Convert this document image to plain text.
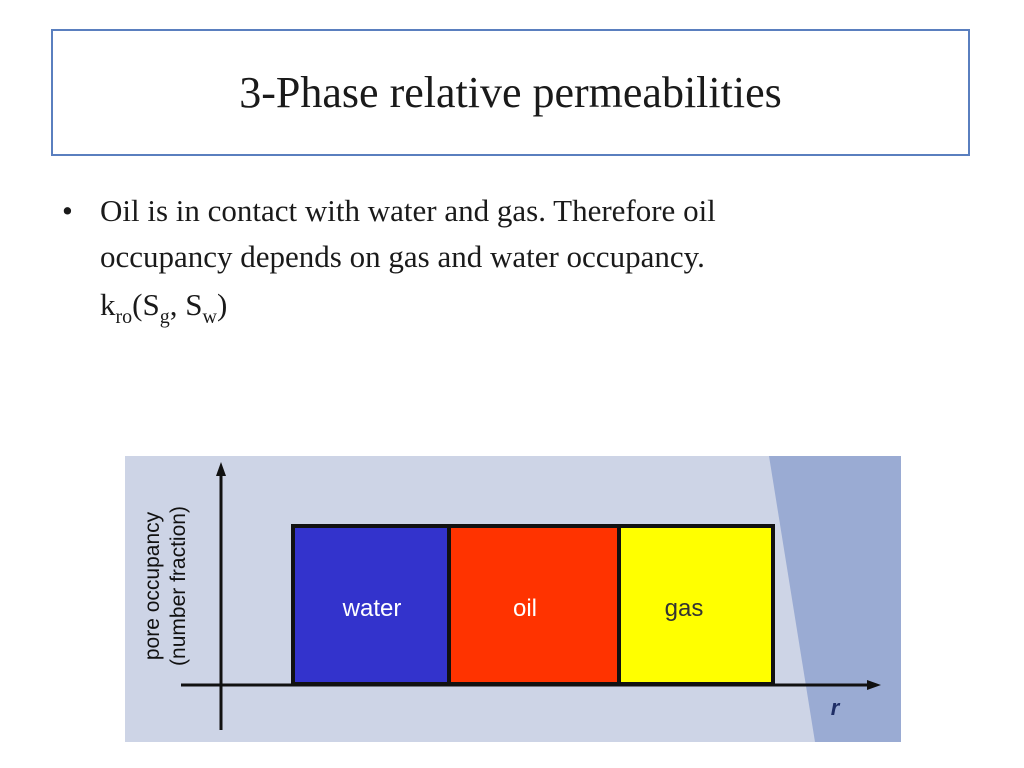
3-Phase relative permeabilities
• Oil is in contact with water and gas. Therefore oil
occupancy depends on gas and water occupancy.
$k_{ro}(S_g$, $S_w$)
pore occupancy (number fraction)	water	oil	gas
r
